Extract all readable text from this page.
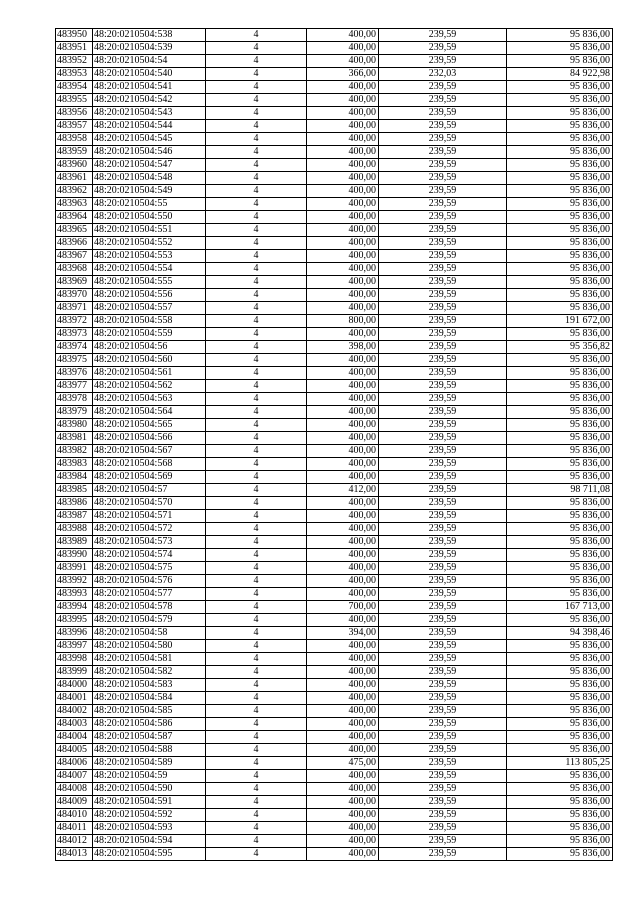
483950	48:20:0210504:538	4	400,00	239,59	95 836,00
483951	48:20:0210504:539	4	400,00	239,59	95 836,00
483952	48:20:0210504:54	4	400,00	239,59	95 836,00
483953	48:20:0210504:540	4	366,00	232,03	84 922,98
483954	48:20:0210504:541	4	400,00	239,59	95 836,00
483955	48:20:0210504:542	4	400,00	239,59	95 836,00
483956	48:20:0210504:543	4	400,00	239,59	95 836,00
483957	48:20:0210504:544	4	400,00	239,59	95 836,00
483958	48:20:0210504:545	4	400,00	239,59	95 836,00
483959	48:20:0210504:546	4	400,00	239,59	95 836,00
483960	48:20:0210504:547	4	400,00	239,59	95 836,00
483961	48:20:0210504:548	4	400,00	239,59	95 836,00
483962	48:20:0210504:549	4	400,00	239,59	95 836,00
483963	48:20:0210504:55	4	400,00	239,59	95 836,00
483964	48:20:0210504:550	4	400,00	239,59	95 836,00
483965	48:20:0210504:551	4	400,00	239,59	95 836,00
483966	48:20:0210504:552	4	400,00	239,59	95 836,00
483967	48:20:0210504:553	4	400,00	239,59	95 836,00
483968	48:20:0210504:554	4	400,00	239,59	95 836,00
483969	48:20:0210504:555	4	400,00	239,59	95 836,00
483970	48:20:0210504:556	4	400,00	239,59	95 836,00
483971	48:20:0210504:557	4	400,00	239,59	95 836,00
483972	48:20:0210504:558	4	800,00	239,59	191 672,00
483973	48:20:0210504:559	4	400,00	239,59	95 836,00
483974	48:20:0210504:56	4	398,00	239,59	95 356,82
483975	48:20:0210504:560	4	400,00	239,59	95 836,00
483976	48:20:0210504:561	4	400,00	239,59	95 836,00
483977	48:20:0210504:562	4	400,00	239,59	95 836,00
483978	48:20:0210504:563	4	400,00	239,59	95 836,00
483979	48:20:0210504:564	4	400,00	239,59	95 836,00
483980	48:20:0210504:565	4	400,00	239,59	95 836,00
483981	48:20:0210504:566	4	400,00	239,59	95 836,00
483982	48:20:0210504:567	4	400,00	239,59	95 836,00
483983	48:20:0210504:568	4	400,00	239,59	95 836,00
483984	48:20:0210504:569	4	400,00	239,59	95 836,00
483985	48:20:0210504:57	4	412,00	239,59	98 711,08
483986	48:20:0210504:570	4	400,00	239,59	95 836,00
483987	48:20:0210504:571	4	400,00	239,59	95 836,00
483988	48:20:0210504:572	4	400,00	239,59	95 836,00
483989	48:20:0210504:573	4	400,00	239,59	95 836,00
483990	48:20:0210504:574	4	400,00	239,59	95 836,00
483991	48:20:0210504:575	4	400,00	239,59	95 836,00
483992	48:20:0210504:576	4	400,00	239,59	95 836,00
483993	48:20:0210504:577	4	400,00	239,59	95 836,00
483994	48:20:0210504:578	4	700,00	239,59	167 713,00
483995	48:20:0210504:579	4	400,00	239,59	95 836,00
483996	48:20:0210504:58	4	394,00	239,59	94 398,46
483997	48:20:0210504:580	4	400,00	239,59	95 836,00
483998	48:20:0210504:581	4	400,00	239,59	95 836,00
483999	48:20:0210504:582	4	400,00	239,59	95 836,00
484000	48:20:0210504:583	4	400,00	239,59	95 836,00
484001	48:20:0210504:584	4	400,00	239,59	95 836,00
484002	48:20:0210504:585	4	400,00	239,59	95 836,00
484003	48:20:0210504:586	4	400,00	239,59	95 836,00
484004	48:20:0210504:587	4	400,00	239,59	95 836,00
484005	48:20:0210504:588	4	400,00	239,59	95 836,00
484006	48:20:0210504:589	4	475,00	239,59	113 805,25
484007	48:20:0210504:59	4	400,00	239,59	95 836,00
484008	48:20:0210504:590	4	400,00	239,59	95 836,00
484009	48:20:0210504:591	4	400,00	239,59	95 836,00
484010	48:20:0210504:592	4	400,00	239,59	95 836,00
484011	48:20:0210504:593	4	400,00	239,59	95 836,00
484012	48:20:0210504:594	4	400,00	239,59	95 836,00
484013	48:20:0210504:595	4	400,00	239,59	95 836,00
